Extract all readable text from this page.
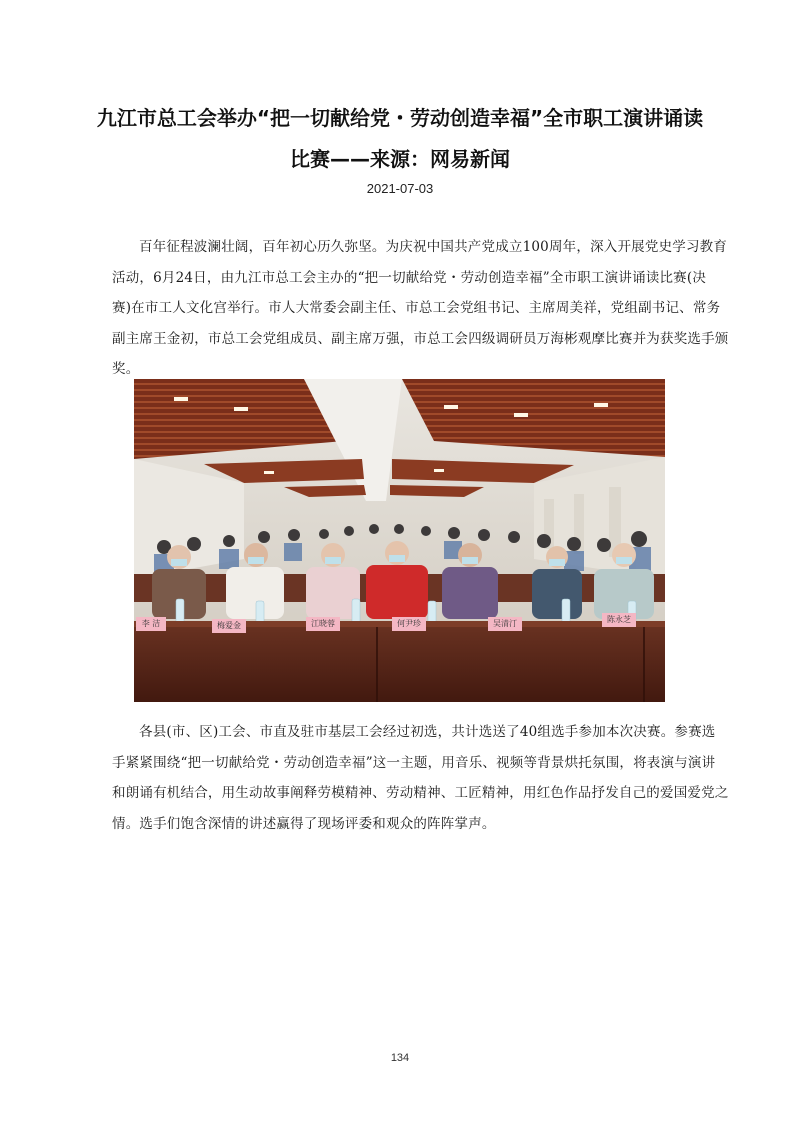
九江市总工会举办“把一切献给党・劳动创造幸福”全市职工演讲诵读
比赛——来源：网易新闻
2021-07-03
百年征程波澜壮阔，百年初心历久弥坚。为庆祝中国共产党成立100周年，深入开展党史学习教育
活动，6月24日，由九江市总工会主办的“把一切献给党・劳动创造幸福”全市职工演讲诵读比赛(决
赛)在市工人文化宫举行。市人大常委会副主任、市总工会党组书记、主席周美祥，党组副书记、常务
副主席王金初，市总工会党组成员、副主席万强，市总工会四级调研员万海彬观摩比赛并为获奖选手颁
奖。
李 洁	梅爱金	江晓蓉	何尹珍	吴清汀	陈永芝
各县(市、区)工会、市直及驻市基层工会经过初选，共计选送了40组选手参加本次决赛。参赛选
手紧紧围绕“把一切献给党・劳动创造幸福”这一主题，用音乐、视频等背景烘托氛围，将表演与演讲
和朗诵有机结合，用生动故事阐释劳模精神、劳动精神、工匠精神，用红色作品抒发自己的爱国爱党之
情。选手们饱含深情的讲述赢得了现场评委和观众的阵阵掌声。
134
